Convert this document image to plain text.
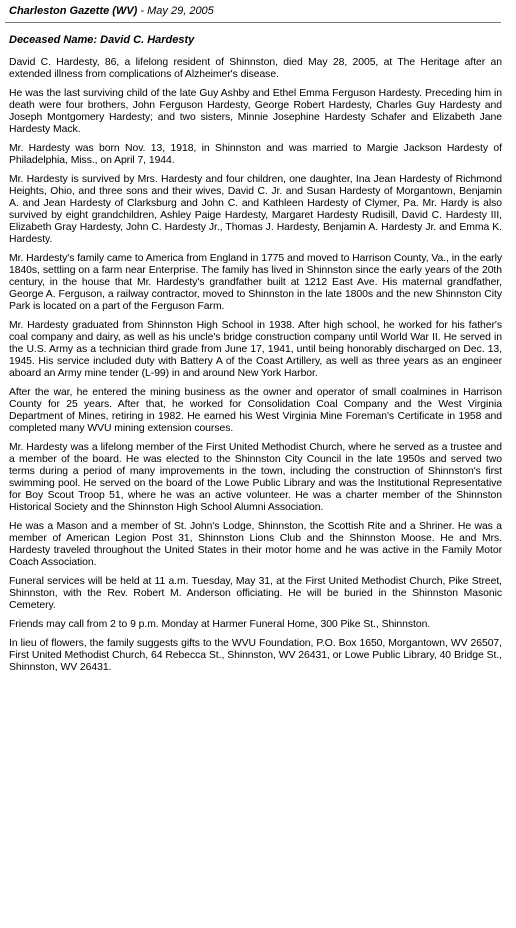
Charleston Gazette (WV) - May 29, 2005
Deceased Name: David C. Hardesty

David C. Hardesty, 86, a lifelong resident of Shinnston, died May 28, 2005, at The Heritage after an extended illness from complications of Alzheimer's disease.

He was the last surviving child of the late Guy Ashby and Ethel Emma Ferguson Hardesty. Preceding him in death were four brothers, John Ferguson Hardesty, George Robert Hardesty, Charles Guy Hardesty and Joseph Montgomery Hardesty; and two sisters, Minnie Josephine Hardesty Schafer and Elizabeth Jane Hardesty Mack.

Mr. Hardesty was born Nov. 13, 1918, in Shinnston and was married to Margie Jackson Hardesty of Philadelphia, Miss., on April 7, 1944.

Mr. Hardesty is survived by Mrs. Hardesty and four children, one daughter, Ina Jean Hardesty of Richmond Heights, Ohio, and three sons and their wives, David C. Jr. and Susan Hardesty of Morgantown, Benjamin A. and Jean Hardesty of Clarksburg and John C. and Kathleen Hardesty of Clymer, Pa. Mr. Hardy is also survived by eight grandchildren, Ashley Paige Hardesty, Margaret Hardesty Rudisill, David C. Hardesty III, Elizabeth Gray Hardesty, John C. Hardesty Jr., Thomas J. Hardesty, Benjamin A. Hardesty Jr. and Emma K. Hardesty.

Mr. Hardesty's family came to America from England in 1775 and moved to Harrison County, Va., in the early 1840s, settling on a farm near Enterprise. The family has lived in Shinnston since the early years of the 20th century, in the house that Mr. Hardesty's grandfather built at 1212 East Ave. His maternal grandfather, George A. Ferguson, a railway contractor, moved to Shinnston in the late 1800s and the new Shinnston City Park is located on a part of the Ferguson Farm.

Mr. Hardesty graduated from Shinnston High School in 1938. After high school, he worked for his father's coal company and dairy, as well as his uncle's bridge construction company until World War II. He served in the U.S. Army as a technician third grade from June 17, 1941, until being honorably discharged on Dec. 13, 1945. His service included duty with Battery A of the Coast Artillery, as well as three years as an engineer aboard an Army mine tender (L-99) in and around New York Harbor.

After the war, he entered the mining business as the owner and operator of small coalmines in Harrison County for 25 years. After that, he worked for Consolidation Coal Company and the West Virginia Department of Mines, retiring in 1982. He earned his West Virginia Mine Foreman's Certificate in 1958 and completed many WVU mining extension courses.

Mr. Hardesty was a lifelong member of the First United Methodist Church, where he served as a trustee and a member of the board. He was elected to the Shinnston City Council in the late 1950s and served two terms during a period of many improvements in the town, including the construction of Shinnston's first swimming pool. He served on the board of the Lowe Public Library and was the Institutional Representative for Boy Scout Troop 51, where he was an active volunteer. He was a charter member of the Shinnston Historical Society and the Shinnston High School Alumni Association.

He was a Mason and a member of St. John's Lodge, Shinnston, the Scottish Rite and a Shriner. He was a member of American Legion Post 31, Shinnston Lions Club and the Shinnston Moose. He and Mrs. Hardesty traveled throughout the United States in their motor home and he was active in the Family Motor Coach Association.

Funeral services will be held at 11 a.m. Tuesday, May 31, at the First United Methodist Church, Pike Street, Shinnston, with the Rev. Robert M. Anderson officiating. He will be buried in the Shinnston Masonic Cemetery.

Friends may call from 2 to 9 p.m. Monday at Harmer Funeral Home, 300 Pike St., Shinnston.

In lieu of flowers, the family suggests gifts to the WVU Foundation, P.O. Box 1650, Morgantown, WV 26507, First United Methodist Church, 64 Rebecca St., Shinnston, WV 26431, or Lowe Public Library, 40 Bridge St., Shinnston, WV 26431.
